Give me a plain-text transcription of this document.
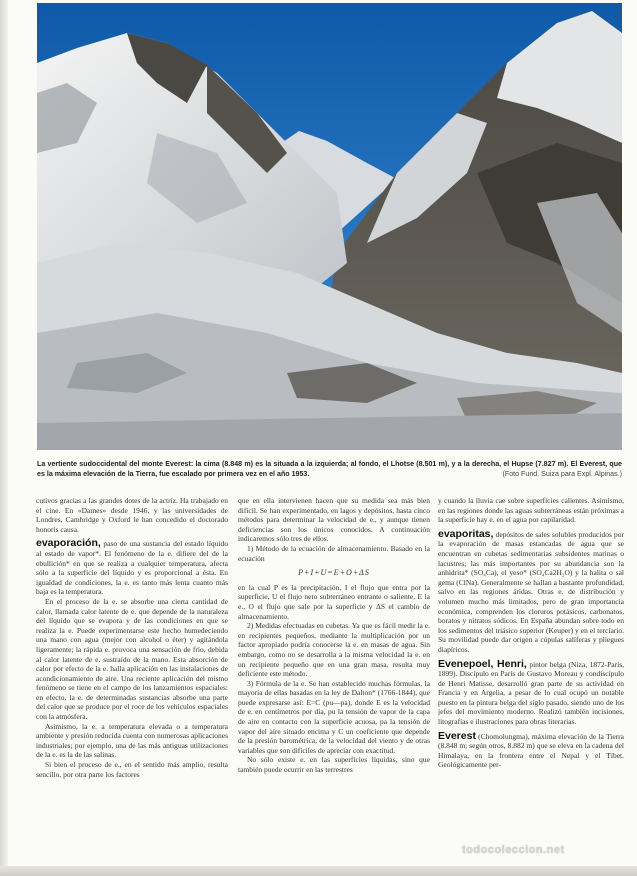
La vertiente sudoccidental del monte Everest: la cima (8.848 m) es la situada a la izquierda; al fondo, el Lhotse (8.501 m), y a la derecha, el Hupse (7.827 m). El Everest, que es la máxima elevación de la Tierra, fue escalado por primera vez en el año 1953.	(Foto Fund. Suiza para Expl. Alpinas.)

cutivos gracias a las grandes dotes de la actriz. Ha trabajado en el cine. En «Dames» desde 1946, y las universidades de Londres, Cambridge y Oxford le han concedido el doctorado honoris causa.

evaporación, paso de una sustancia del estado líquido al estado de vapor*. El fenómeno de la e. difiere del de la ebullición* en que se realiza a cualquier temperatura, afecta sólo a la superficie del líquido y es proporcional a ésta. En igualdad de condiciones, la e. es tanto más lenta cuanto más baja es la temperatura.

En el proceso de la e. se absorbe una cierta cantidad de calor, llamada calor latente de e. que depende de la naturaleza del líquido que se evapora y de las condiciones en que se realiza la e. Puede experimentarse este hecho humedeciendo una mano con agua (mejor con alcohol o éter) y agitándola ligeramente; la rápida e. provoca una sensación de frío, debida al calor latente de e. sustraído de la mano. Esta absorción de calor por efecto de la e. halla aplicación en las instalaciones de acondicionamiento de aire. Una reciente aplicación del mismo fenómeno se tiene en el campo de los lanzamientos espaciales: en efecto, la e. de determinadas sustancias absorbe una parte del calor que se produce por el roce de los vehículos espaciales con la atmósfera.

Asimismo, la e. a temperatura elevada o a temperatura ambiente y presión reducida cuenta con numerosas aplicaciones industriales; por ejemplo, una de las más antiguas utilizaciones de la e. es la de las salinas.

Si bien el proceso de e., en el sentido más amplio, resulta sencillo, por otra parte los factores

que en ella intervienen hacen que su medida sea más bien difícil. Se han experimentado, en lagos y depósitos, hasta cinco métodos para determinar la velocidad de e., y aunque tienen deficiencias son los únicos conocidos. A continuación indicaremos sólo tres de ellos.

1) Método de la ecuación de almacenamiento. Basado en la ecuación

P+I+U=E+O+ΔS

en la cual P es la precipitación, I el flujo que entra por la superficie, U el flujo neto subterráneo entrante o saliente, E la e., O el flujo que sale por la superficie y ΔS el cambio de almacenamiento.

2) Medidas efectuadas en cubetas. Ya que es fácil medir la e. en recipientes pequeños, mediante la multiplicación por un factor apropiado podría conocerse la e. en masas de agua. Sin embargo, como no se desarrolla a la misma velocidad la e. en un recipiente pequeño que en una gran masa, resulta muy deficiente este método.

3) Fórmula de la e. Se han establecido muchas fórmulas, la mayoría de ellas basadas en la ley de Dalton* (1766-1844), que puede expresarse así: E=C (pu—pa), donde E es la velocidad de e. en centímetros por día, pu la tensión de vapor de la capa de aire en contacto con la superficie acuosa, pa la tensión de vapor del aire situado encima y C un coeficiente que depende de la presión barométrica, de la velocidad del viento y de otras variables que son difíciles de apreciar con exactitud.

No sólo existe e. en las superficies líquidas, sino que también puede ocurrir en las terrestres

y cuando la lluvia cae sobre superficies calientes. Asimismo, en las regiones donde las aguas subterráneas están próximas a la superficie hay e. en el agua por capilaridad.

evaporitas, depósitos de sales solubles producidos por la evaporación de masas estancadas de agua que se encuentran en cubetas sedimentarias subsidentes marinas o lacustres; las más importantes por su abundancia son la anhidrita* (SO₄Ca), el yeso* (SO₄Ca2H₂O) y la halita o sal gema (ClNa). Generalmente se hallan a bastante profundidad, salvo en las regiones áridas. Otras e. de distribución y volumen mucho más limitados, pero de gran importancia económica, comprenden los cloruros potásicos, carbonatos, boratos y nitratos sódicos. En España abundan sobre todo en los sedimentos del triásico superior (Keuper) y en el terciario. Su movilidad puede dar origen a cúpulas salíferas y pliegues diapíricos.

Evenepoel, Henri, pintor belga (Niza, 1872-París, 1899). Discípulo en París de Gustavo Moreau y condiscípulo de Henri Matisse, desarrolló gran parte de su actividad en Francia y en Argelia, a pesar de lo cual ocupó un notable puesto en la pintura belga del siglo pasado, siendo uno de los jefes del movimiento moderno. Realizó también incisiones, litografías e ilustraciones para obras literarias.

Everest (Chomolungma), máxima elevación de la Tierra (8.848 m; según otros, 8.882 m) que se eleva en la cadena del Himalaya, en la frontera entre el Nepal y el Tíbet. Geológicamente per-

todocoleccion.net
